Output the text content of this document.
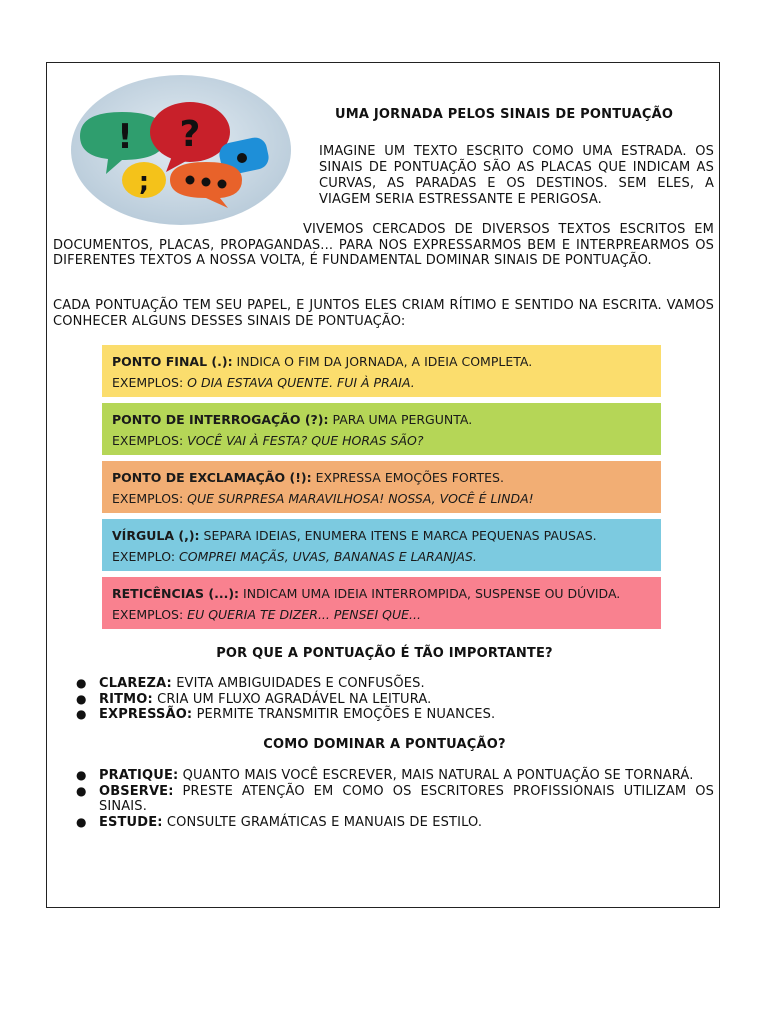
! ?
;
UMA JORNADA PELOS SINAIS DE PONTUAÇÃO
IMAGINE UM TEXTO ESCRITO COMO UMA ESTRADA. OS SINAIS DE PONTUAÇÃO SÃO AS PLACAS QUE INDICAM AS CURVAS, AS PARADAS E OS DESTINOS. SEM ELES, A VIAGEM SERIA ESTRESSANTE E PERIGOSA.
VIVEMOS CERCADOS DE DIVERSOS TEXTOS ESCRITOS EM DOCUMENTOS, PLACAS, PROPAGANDAS... PARA NOS EXPRESSARMOS BEM E INTERPREARMOS OS DIFERENTES TEXTOS A NOSSA VOLTA, É FUNDAMENTAL DOMINAR SINAIS DE PONTUAÇÃO.
CADA PONTUAÇÃO TEM SEU PAPEL, E JUNTOS ELES CRIAM RÍTIMO E SENTIDO NA ESCRITA. VAMOS CONHECER ALGUNS DESSES SINAIS DE PONTUAÇÃO:
PONTO FINAL (.): INDICA O FIM DA JORNADA, A IDEIA COMPLETA.
EXEMPLOS: O DIA ESTAVA QUENTE. FUI À PRAIA.
PONTO DE INTERROGAÇÃO (?): PARA UMA PERGUNTA.
EXEMPLOS: VOCÊ VAI À FESTA? QUE HORAS SÃO?
PONTO DE EXCLAMAÇÃO (!): EXPRESSA EMOÇÕES FORTES.
EXEMPLOS: QUE SURPRESA MARAVILHOSA! NOSSA, VOCÊ É LINDA!
VÍRGULA (,): SEPARA IDEIAS, ENUMERA ITENS E MARCA PEQUENAS PAUSAS.
EXEMPLO: COMPREI MAÇÃS, UVAS, BANANAS E LARANJAS.
RETICÊNCIAS (...): INDICAM UMA IDEIA INTERROMPIDA, SUSPENSE OU DÚVIDA.
EXEMPLOS: EU QUERIA TE DIZER... PENSEI QUE...
POR QUE A PONTUAÇÃO É TÃO IMPORTANTE?
● CLAREZA: EVITA AMBIGUIDADES E CONFUSÕES.
● RITMO: CRIA UM FLUXO AGRADÁVEL NA LEITURA.
● EXPRESSÃO: PERMITE TRANSMITIR EMOÇÕES E NUANCES.
COMO DOMINAR A PONTUAÇÃO?
● PRATIQUE: QUANTO MAIS VOCÊ ESCREVER, MAIS NATURAL A PONTUAÇÃO SE TORNARÁ.
● OBSERVE: PRESTE ATENÇÃO EM COMO OS ESCRITORES PROFISSIONAIS UTILIZAM OS SINAIS.
● ESTUDE: CONSULTE GRAMÁTICAS E MANUAIS DE ESTILO.
